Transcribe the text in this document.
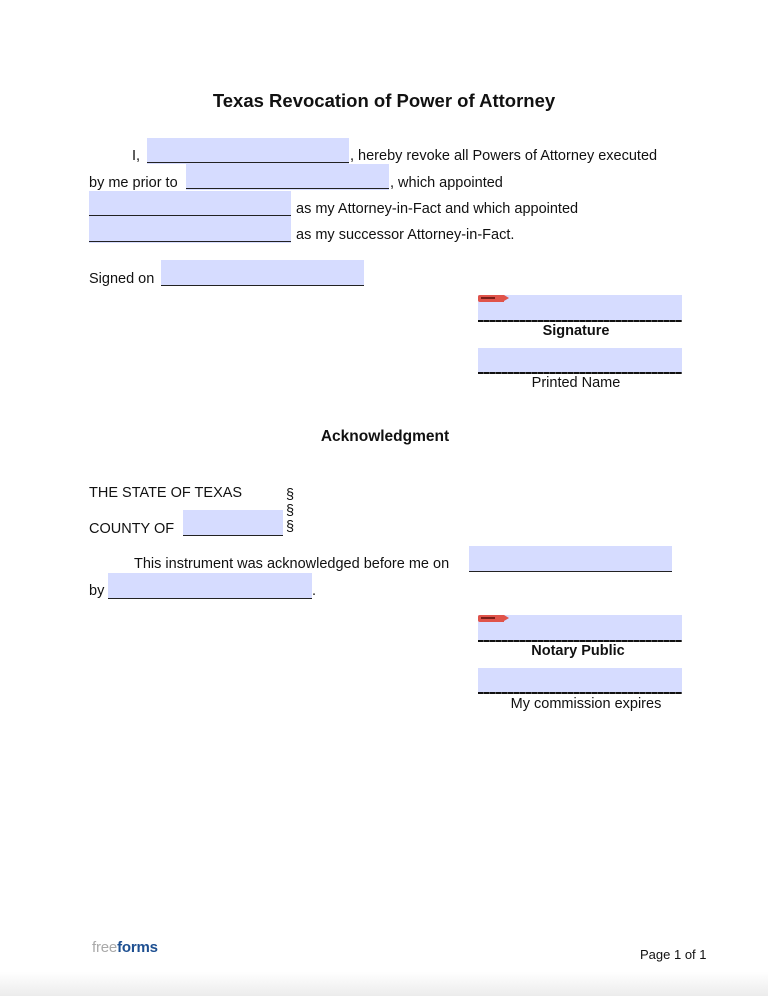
Texas Revocation of Power of Attorney
I,	, hereby revoke all Powers of Attorney executed
by me prior to	, which appointed
as my Attorney-in-Fact and which appointed
as my successor Attorney-in-Fact.
Signed on
Signature
Printed Name
Acknowledgment
THE STATE OF TEXAS	§
§
§
COUNTY OF
This instrument was acknowledged before me on
by	.
Notary Public
My commission expires
freeforms	Page 1 of 1
